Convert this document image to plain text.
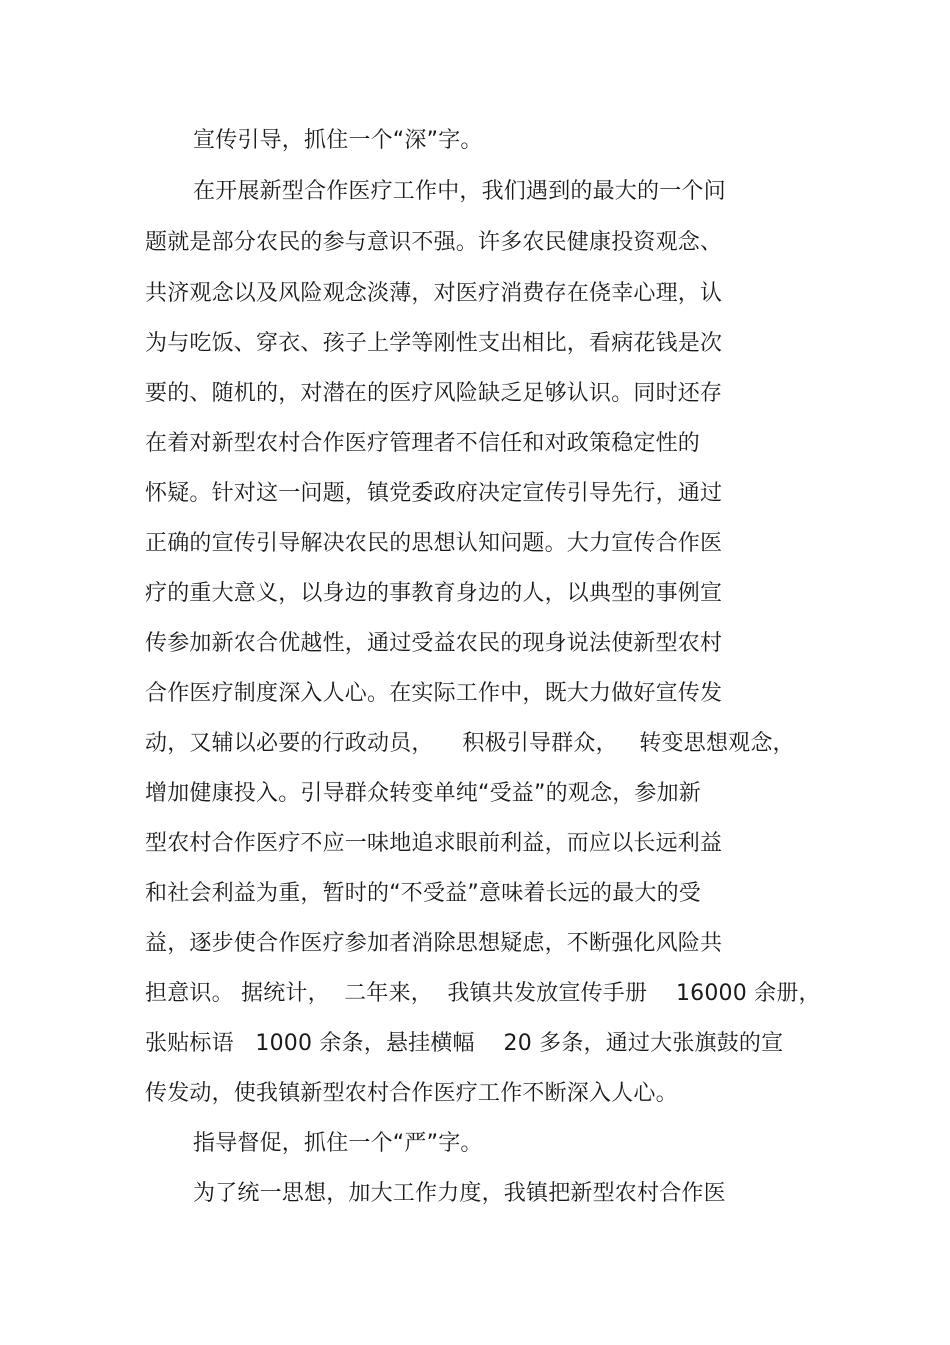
宣传引导，抓住一个“深”字。
在开展新型合作医疗工作中，我们遇到的最大的一个问
题就是部分农民的参与意识不强。许多农民健康投资观念、
共济观念以及风险观念淡薄，对医疗消费存在侥幸心理，认
为与吃饭、穿衣、孩子上学等刚性支出相比，看病花钱是次
要的、随机的，对潜在的医疗风险缺乏足够认识。同时还存
在着对新型农村合作医疗管理者不信任和对政策稳定性的
怀疑。针对这一问题，镇党委政府决定宣传引导先行，通过
正确的宣传引导解决农民的思想认知问题。大力宣传合作医
疗的重大意义，以身边的事教育身边的人，以典型的事例宣
传参加新农合优越性，通过受益农民的现身说法使新型农村
合作医疗制度深入人心。在实际工作中，既大力做好宣传发
动，又辅以必要的行政动员，    积极引导群众，   转变思想观念，
增加健康投入。引导群众转变单纯“受益”的观念，参加新
型农村合作医疗不应一味地追求眼前利益，而应以长远利益
和社会利益为重，暂时的“不受益”意味着长远的最大的受
益，逐步使合作医疗参加者消除思想疑虑，不断强化风险共
担意识。 据统计，  二年来，  我镇共发放宣传手册    16000 余册，
张贴标语   1000 余条，悬挂横幅    20 多条，通过大张旗鼓的宣
传发动，使我镇新型农村合作医疗工作不断深入人心。
指导督促，抓住一个“严”字。
为了统一思想，加大工作力度，我镇把新型农村合作医
